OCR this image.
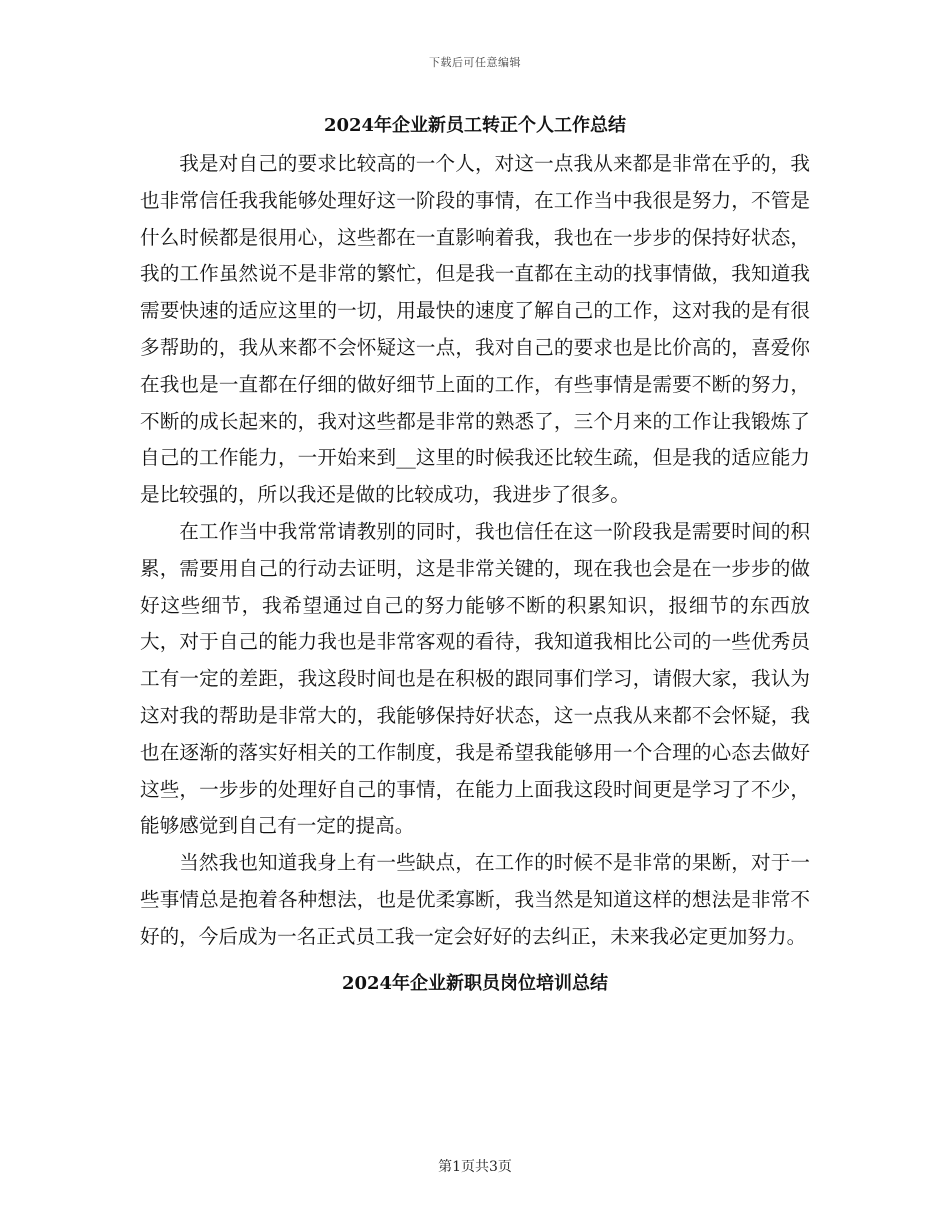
下载后可任意编辑
2024年企业新员工转正个人工作总结

我是对自己的要求比较高的一个人，对这一点我从来都是非常在乎的，我也非常信任我我能够处理好这一阶段的事情，在工作当中我很是努力，不管是什么时候都是很用心，这些都在一直影响着我，我也在一步步的保持好状态，我的工作虽然说不是非常的繁忙，但是我一直都在主动的找事情做，我知道我需要快速的适应这里的一切，用最快的速度了解自己的工作，这对我的是有很多帮助的，我从来都不会怀疑这一点，我对自己的要求也是比价高的，喜爱你在我也是一直都在仔细的做好细节上面的工作，有些事情是需要不断的努力，不断的成长起来的，我对这些都是非常的熟悉了，三个月来的工作让我锻炼了自己的工作能力，一开始来到__这里的时候我还比较生疏，但是我的适应能力是比较强的，所以我还是做的比较成功，我进步了很多。

在工作当中我常常请教别的同时，我也信任在这一阶段我是需要时间的积累，需要用自己的行动去证明，这是非常关键的，现在我也会是在一步步的做好这些细节，我希望通过自己的努力能够不断的积累知识，报细节的东西放大，对于自己的能力我也是非常客观的看待，我知道我相比公司的一些优秀员工有一定的差距，我这段时间也是在积极的跟同事们学习，请假大家，我认为这对我的帮助是非常大的，我能够保持好状态，这一点我从来都不会怀疑，我也在逐渐的落实好相关的工作制度，我是希望我能够用一个合理的心态去做好这些，一步步的处理好自己的事情，在能力上面我这段时间更是学习了不少，能够感觉到自己有一定的提高。

当然我也知道我身上有一些缺点，在工作的时候不是非常的果断，对于一些事情总是抱着各种想法，也是优柔寡断，我当然是知道这样的想法是非常不好的，今后成为一名正式员工我一定会好好的去纠正，未来我必定更加努力。

2024年企业新职员岗位培训总结
第1页共3页
